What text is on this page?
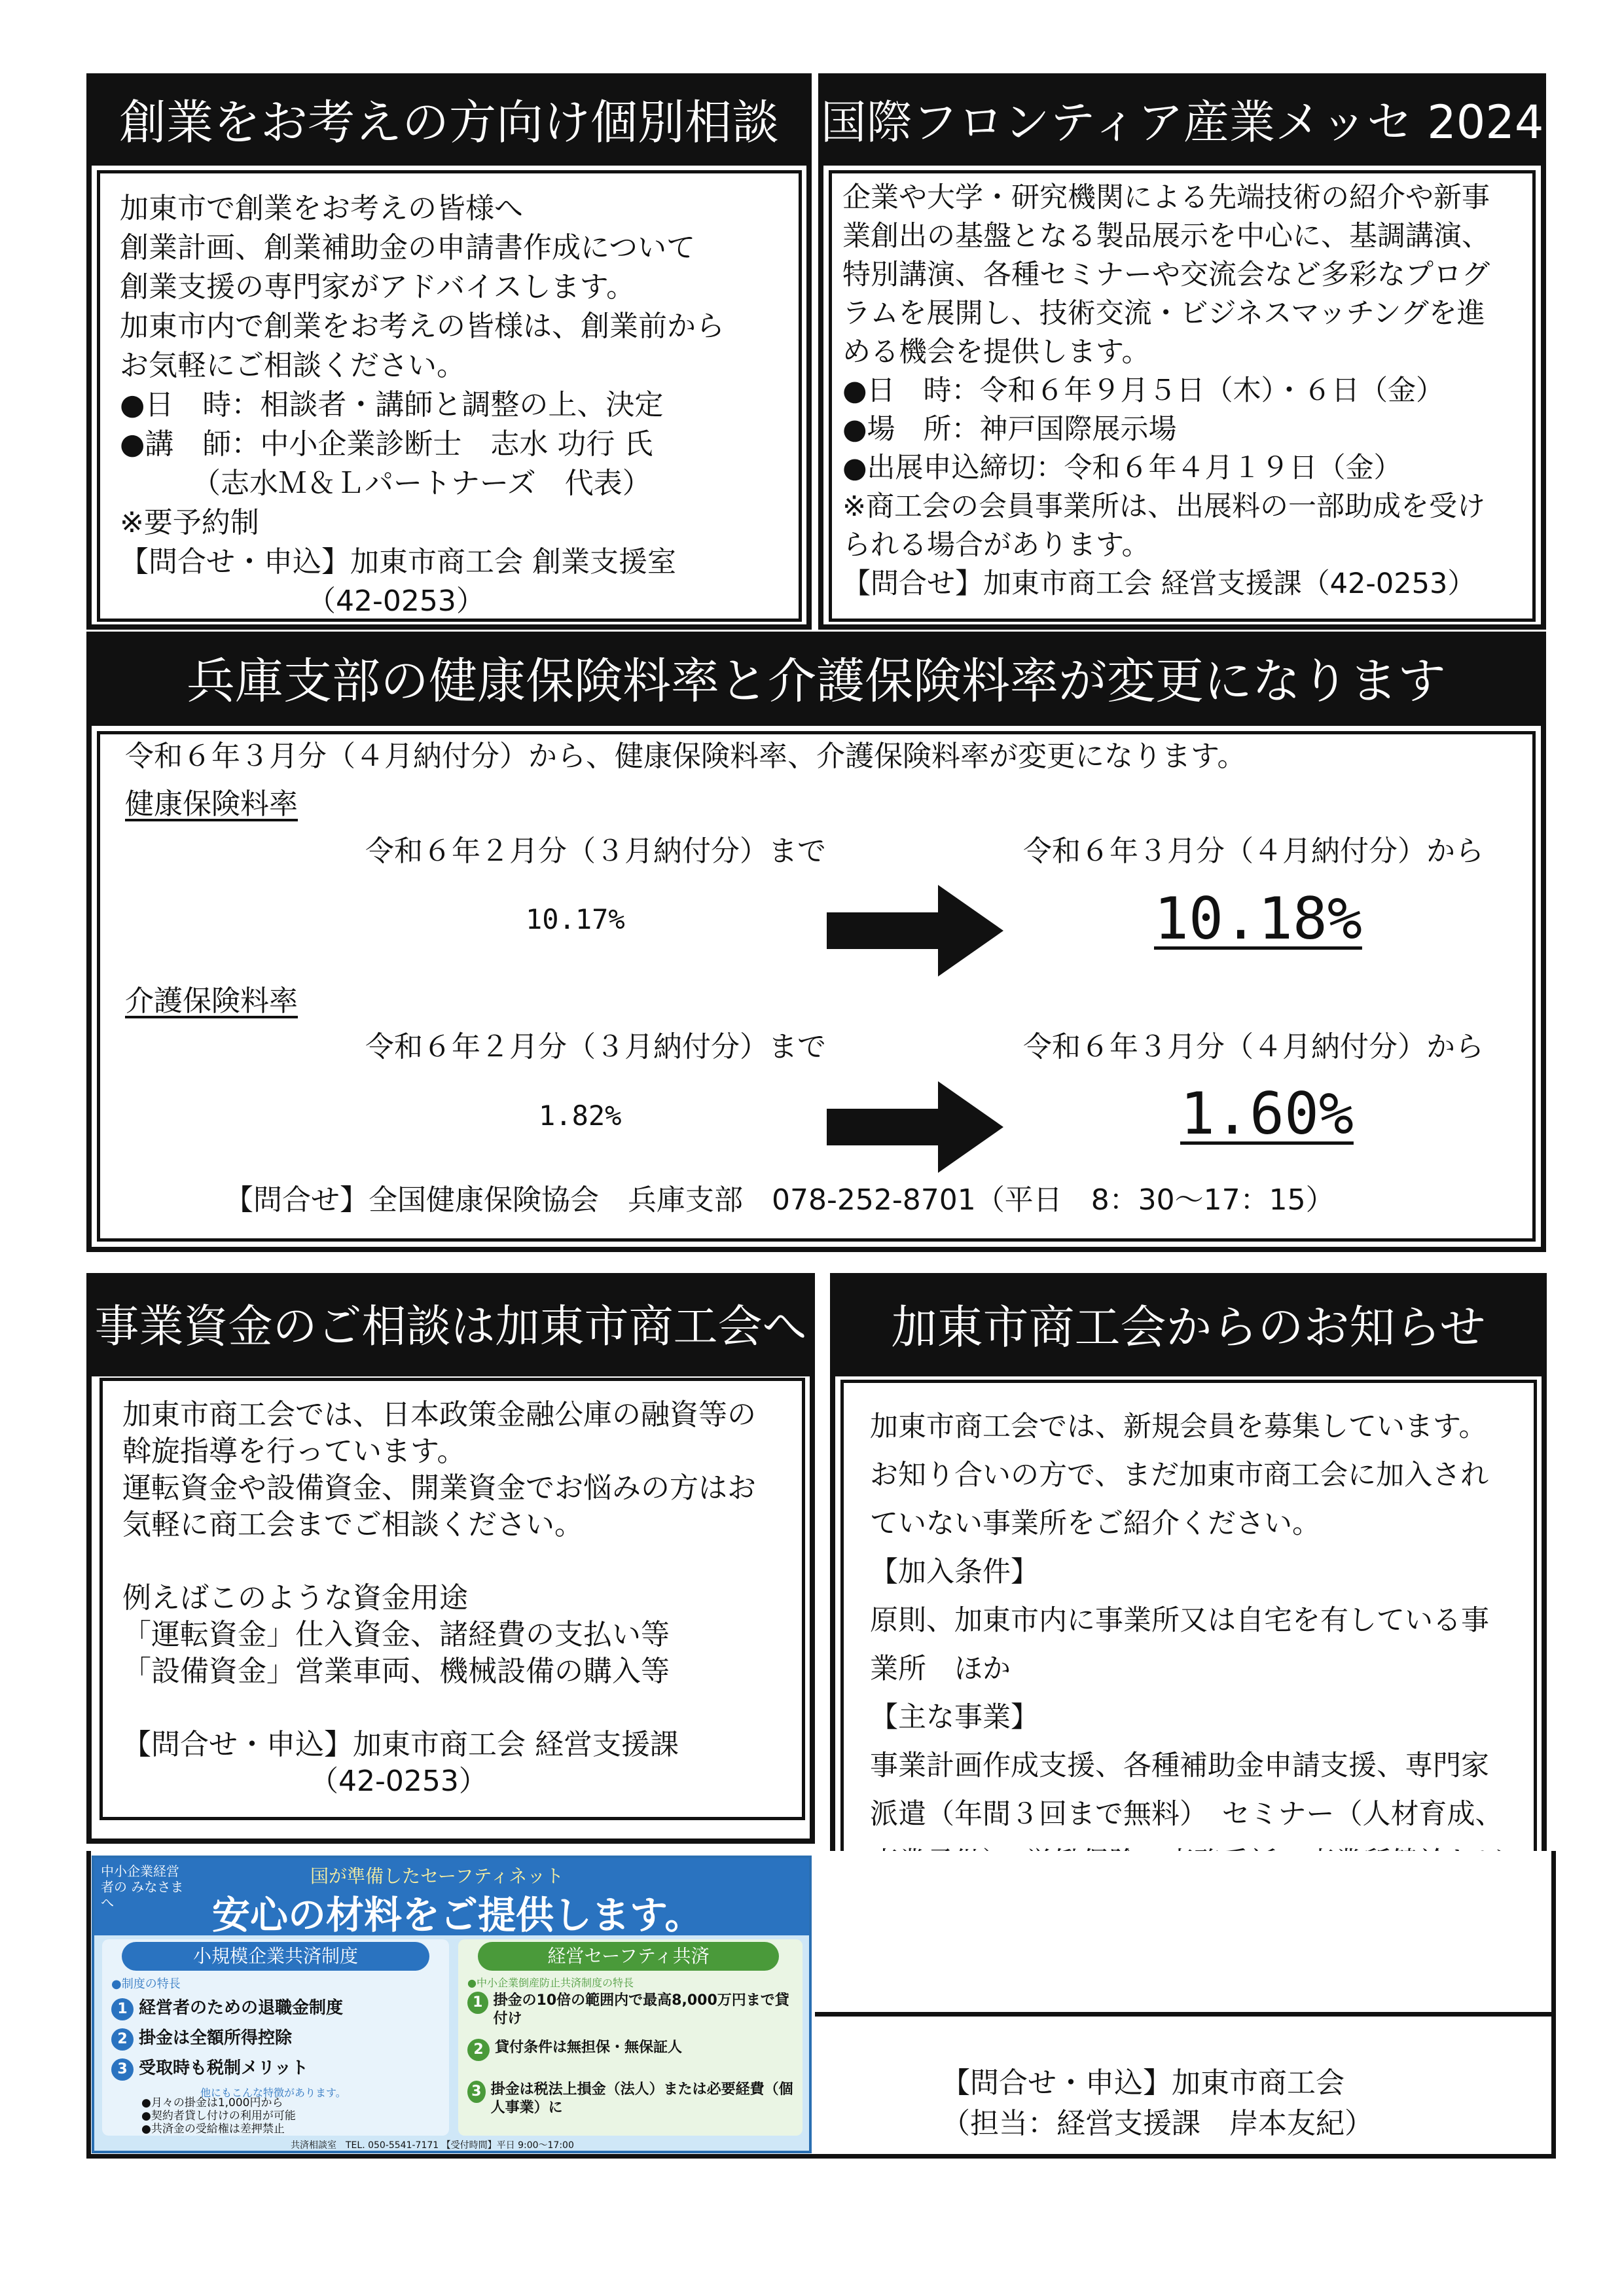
創業をお考えの方向け個別相談
加東市で創業をお考えの皆様へ
創業計画、創業補助金の申請書作成について
創業支援の専門家がアドバイスします。
加東市内で創業をお考えの皆様は、創業前から
お気軽にご相談ください。
●日　時：相談者・講師と調整の上、決定
●講　師：中小企業診断士　志水 功行 氏
　　　（志水Ｍ＆Ｌパートナーズ　代表）
※要予約制
【問合せ・申込】加東市商工会 創業支援室
　　　　　　　（42-0253）
国際フロンティア産業メッセ 2024
企業や大学・研究機関による先端技術の紹介や新事
業創出の基盤となる製品展示を中心に、基調講演、
特別講演、各種セミナーや交流会など多彩なプログ
ラムを展開し、技術交流・ビジネスマッチングを進
める機会を提供します。
●日　時：令和６年９月５日（木）・６日（金）
●場　所：神戸国際展示場
●出展申込締切：令和６年４月１９日（金）
※商工会の会員事業所は、出展料の一部助成を受け
られる場合があります。
【問合せ】加東市商工会 経営支援課（42-0253）
兵庫支部の健康保険料率と介護保険料率が変更になります
令和６年３月分（４月納付分）から、健康保険料率、介護保険料率が変更になります。
健康保険料率
令和６年２月分（３月納付分）まで	令和６年３月分（４月納付分）から
10.17%	10.18%
介護保険料率
令和６年２月分（３月納付分）まで	令和６年３月分（４月納付分）から
1.82%	1.60%
【問合せ】全国健康保険協会　兵庫支部　078-252-8701（平日　8：30～17：15）
事業資金のご相談は加東市商工会へ
加東市商工会では、日本政策金融公庫の融資等の
斡旋指導を行っています。
運転資金や設備資金、開業資金でお悩みの方はお
気軽に商工会までご相談ください。
例えばこのような資金用途
「運転資金」仕入資金、諸経費の支払い等
「設備資金」営業車両、機械設備の購入等
【問合せ・申込】加東市商工会 経営支援課
　　　　　　　（42-0253）
加東市商工会からのお知らせ
加東市商工会では、新規会員を募集しています。
お知り合いの方で、まだ加東市商工会に加入され
ていない事業所をご紹介ください。
【加入条件】
原則、加東市内に事業所又は自宅を有している事
業所　ほか
【主な事業】
事業計画作成支援、各種補助金申請支援、専門家
派遣（年間３回まで無料）　セミナー（人材育成、
【問合せ・申込】加東市商工会
（担当：経営支援課　岸本友紀）
中小企業経営者の みなさまへ
国が準備したセーフティネット
安心の材料をご提供します。
小規模企業共済制度
●制度の特長
1 経営者のための退職金制度
2 掛金は全額所得控除
3 受取時も税制メリット
他にもこんな特徴があります。
●月々の掛金は1,000円から
●契約者貸し付けの利用が可能
●共済金の受給権は差押禁止
経営セーフティ共済
●中小企業倒産防止共済制度の特長
1 掛金の10倍の範囲内で最高8,000万円まで貸付け
2 貸付条件は無担保・無保証人
3 掛金は税法上損金（法人）または必要経費（個人事業）に
共済相談室　TEL. 050-5541-7171 【受付時間】平日 9:00～17:00
